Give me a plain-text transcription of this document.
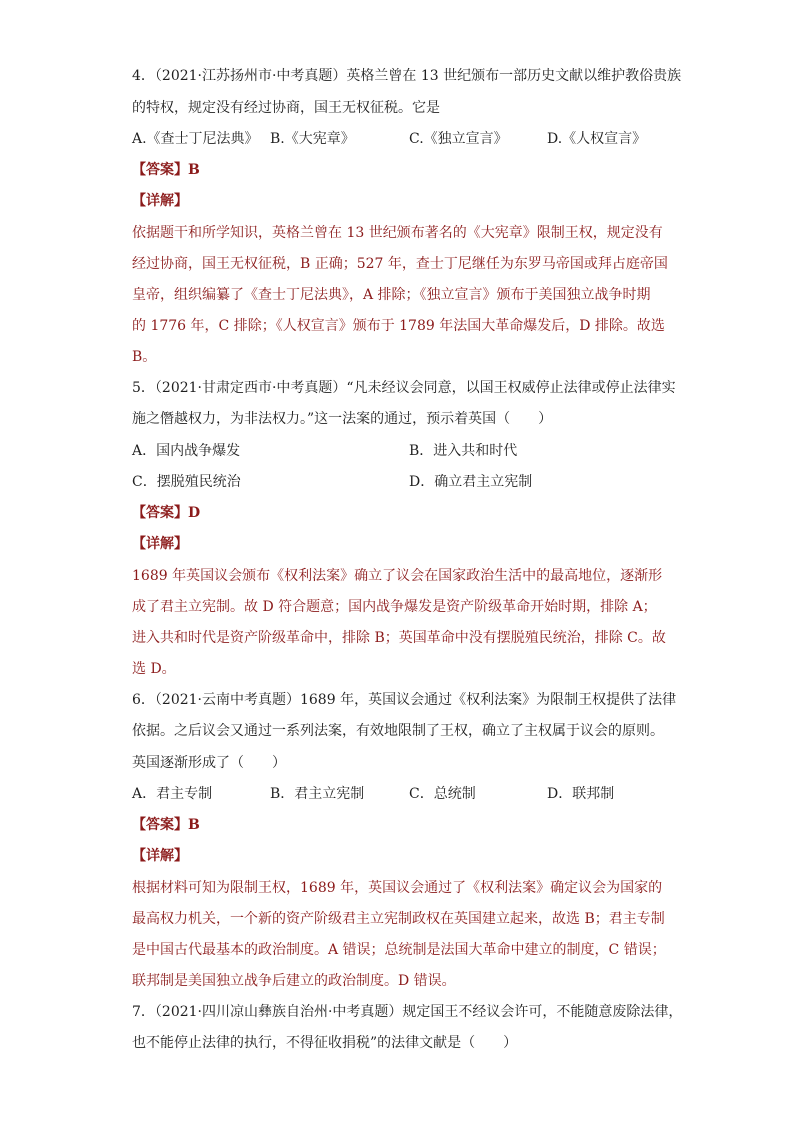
4．（2021·江苏扬州市·中考真题）英格兰曾在 13 世纪颁布一部历史文献以维护教俗贵族
的特权，规定没有经过协商，国王无权征税。它是
A.《查士丁尼法典》 B.《大宪章》	C.《独立宣言》	D.《人权宣言》
【答案】B
【详解】
依据题干和所学知识，英格兰曾在 13 世纪颁布著名的《大宪章》限制王权，规定没有
经过协商，国王无权征税，B 正确；527 年，查士丁尼继任为东罗马帝国或拜占庭帝国
皇帝，组织编纂了《查士丁尼法典》，A 排除；《独立宣言》颁布于美国独立战争时期
的 1776 年，C 排除；《人权宣言》颁布于 1789 年法国大革命爆发后，D 排除。故选
B。
5．（2021·甘肃定西市·中考真题）“凡未经议会同意，以国王权威停止法律或停止法律实
施之僭越权力，为非法权力。”这一法案的通过，预示着英国（　　）
A．国内战争爆发	B．进入共和时代
C．摆脱殖民统治	D．确立君主立宪制
【答案】D
【详解】
1689 年英国议会颁布《权利法案》确立了议会在国家政治生活中的最高地位，逐渐形
成了君主立宪制。故 D 符合题意；国内战争爆发是资产阶级革命开始时期，排除 A；
进入共和时代是资产阶级革命中，排除 B；英国革命中没有摆脱殖民统治，排除 C。故
选 D。
6．（2021·云南中考真题）1689 年，英国议会通过《权利法案》为限制王权提供了法律
依据。之后议会又通过一系列法案，有效地限制了王权，确立了主权属于议会的原则。
英国逐渐形成了（　　）
A．君主专制	B．君主立宪制	C．总统制	D．联邦制
【答案】B
【详解】
根据材料可知为限制王权，1689 年，英国议会通过了《权利法案》确定议会为国家的
最高权力机关，一个新的资产阶级君主立宪制政权在英国建立起来，故选 B；君主专制
是中国古代最基本的政治制度。A 错误；总统制是法国大革命中建立的制度，C 错误；
联邦制是美国独立战争后建立的政治制度。D 错误。
7．（2021·四川凉山彝族自治州·中考真题）规定国王不经议会许可，不能随意废除法律，
也不能停止法律的执行，不得征收捐税”的法律文献是（　　）
